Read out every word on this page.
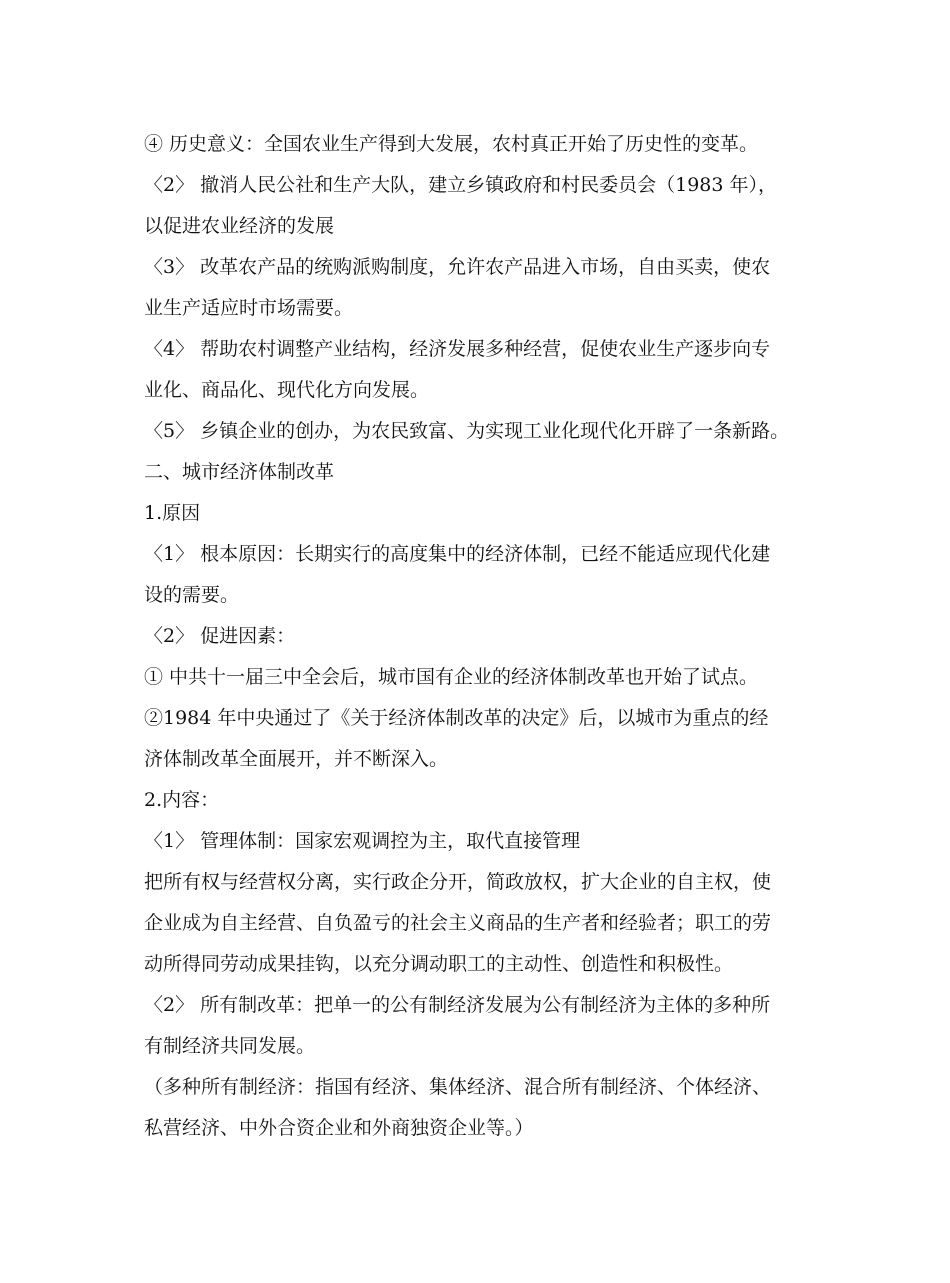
④ 历史意义：全国农业生产得到大发展，农村真正开始了历史性的变革。
〈2〉 撤消人民公社和生产大队，建立乡镇政府和村民委员会（1983 年），
以促进农业经济的发展
〈3〉 改革农产品的统购派购制度，允许农产品进入市场，自由买卖，使农
业生产适应时市场需要。
〈4〉 帮助农村调整产业结构，经济发展多种经营，促使农业生产逐步向专
业化、商品化、现代化方向发展。
〈5〉 乡镇企业的创办，为农民致富、为实现工业化现代化开辟了一条新路。
二、城市经济体制改革
1.原因
〈1〉 根本原因：长期实行的高度集中的经济体制，已经不能适应现代化建
设的需要。
〈2〉 促进因素：
① 中共十一届三中全会后，城市国有企业的经济体制改革也开始了试点。
②1984 年中央通过了《关于经济体制改革的决定》后，以城市为重点的经
济体制改革全面展开，并不断深入。
2.内容：
〈1〉 管理体制：国家宏观调控为主，取代直接管理
把所有权与经营权分离，实行政企分开，简政放权，扩大企业的自主权，使
企业成为自主经营、自负盈亏的社会主义商品的生产者和经验者；职工的劳
动所得同劳动成果挂钩，以充分调动职工的主动性、创造性和积极性。
〈2〉 所有制改革：把单一的公有制经济发展为公有制经济为主体的多种所
有制经济共同发展。
（多种所有制经济：指国有经济、集体经济、混合所有制经济、个体经济、
私营经济、中外合资企业和外商独资企业等。）
